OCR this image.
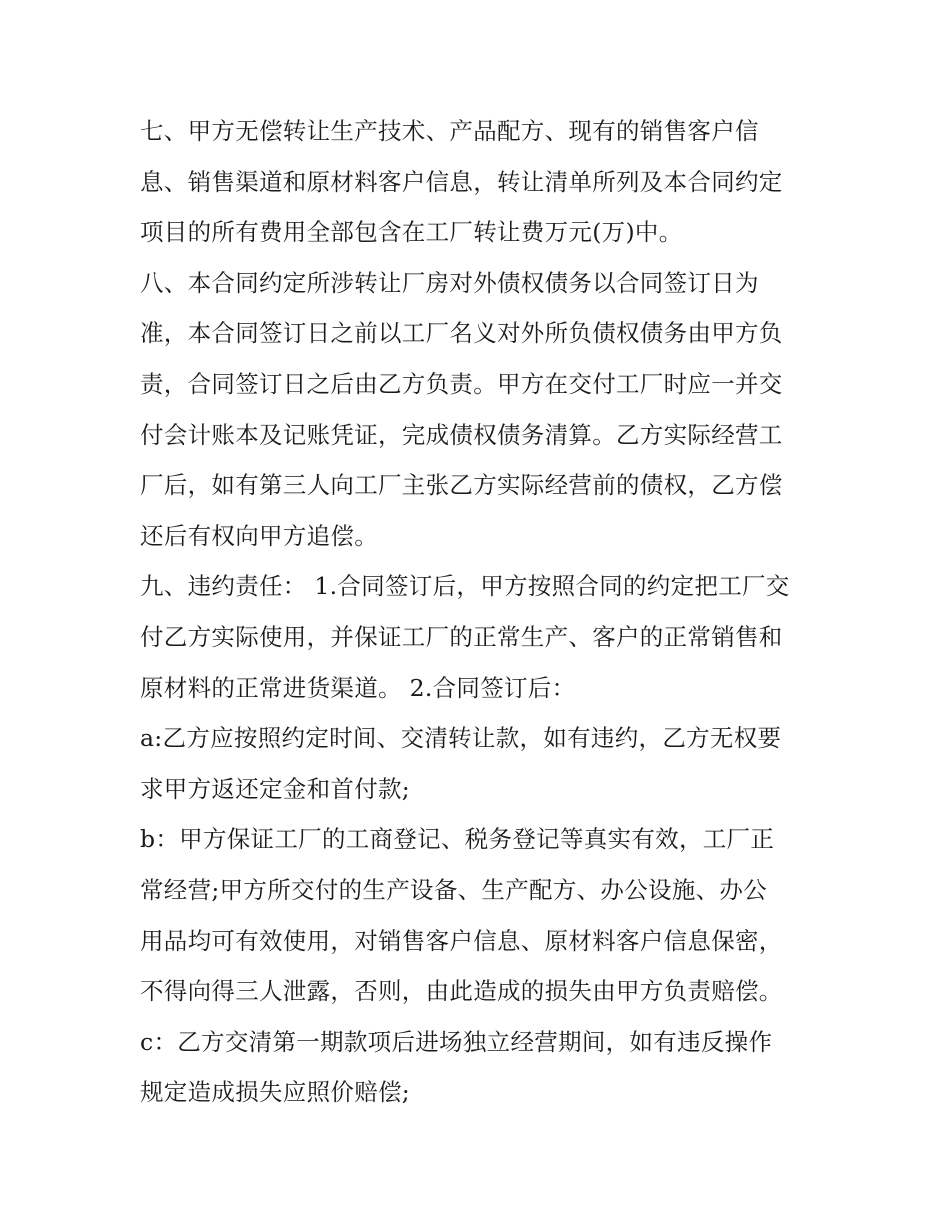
七、甲方无偿转让生产技术、产品配方、现有的销售客户信
息、销售渠道和原材料客户信息，转让清单所列及本合同约定
项目的所有费用全部包含在工厂转让费万元(万)中。
八、本合同约定所涉转让厂房对外债权债务以合同签订日为
准，本合同签订日之前以工厂名义对外所负债权债务由甲方负
责，合同签订日之后由乙方负责。甲方在交付工厂时应一并交
付会计账本及记账凭证，完成债权债务清算。乙方实际经营工
厂后，如有第三人向工厂主张乙方实际经营前的债权，乙方偿
还后有权向甲方追偿。
九、违约责任： 1.合同签订后，甲方按照合同的约定把工厂交
付乙方实际使用，并保证工厂的正常生产、客户的正常销售和
原材料的正常进货渠道。 2.合同签订后：
a:乙方应按照约定时间、交清转让款，如有违约，乙方无权要
求甲方返还定金和首付款;
b：甲方保证工厂的工商登记、税务登记等真实有效，工厂正
常经营;甲方所交付的生产设备、生产配方、办公设施、办公
用品均可有效使用，对销售客户信息、原材料客户信息保密，
不得向得三人泄露，否则，由此造成的损失由甲方负责赔偿。
c：乙方交清第一期款项后进场独立经营期间，如有违反操作
规定造成损失应照价赔偿;
